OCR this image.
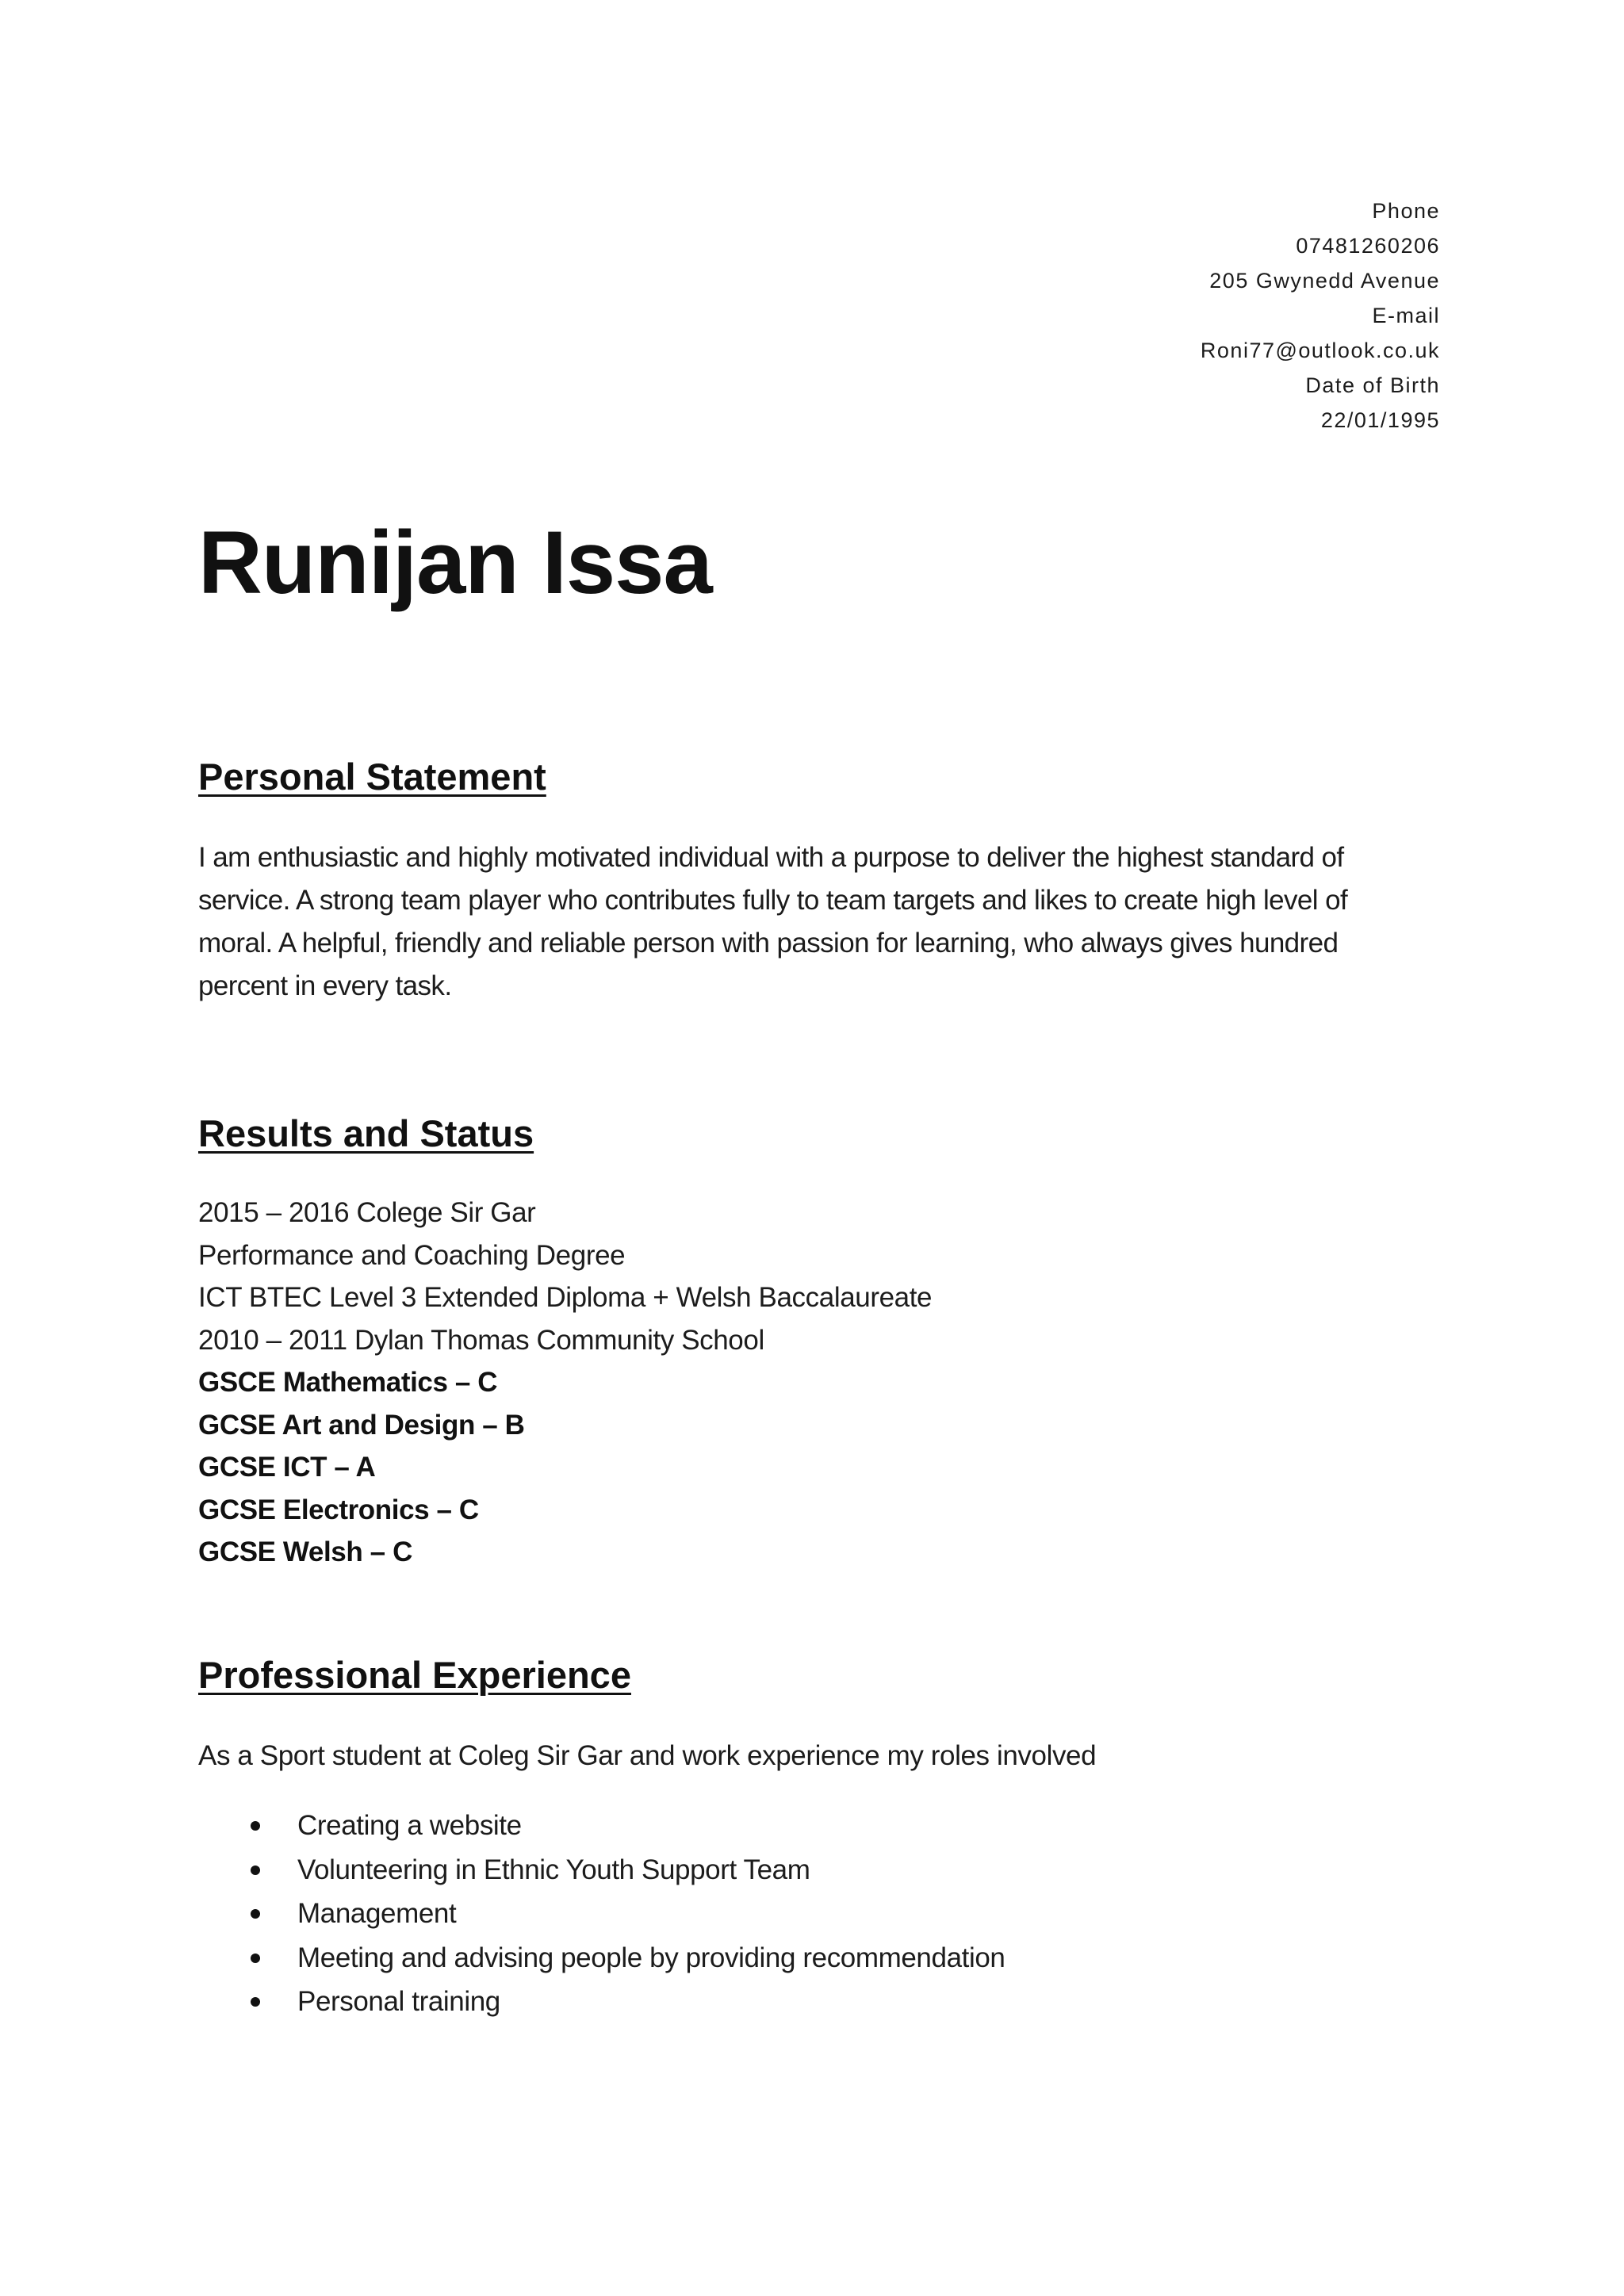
Phone
07481260206
205 Gwynedd Avenue
E-mail
Roni77@outlook.co.uk
Date of Birth
22/01/1995
Runijan Issa
Personal Statement
I am enthusiastic and highly motivated individual with a purpose to deliver the highest standard of
service. A strong team player who contributes fully to team targets and likes to create high level of
moral. A helpful, friendly and reliable person with passion for learning, who always gives hundred
percent in every task.
Results and Status
2015 – 2016 Colege Sir Gar
Performance and Coaching Degree
ICT BTEC Level 3 Extended Diploma + Welsh Baccalaureate
2010 – 2011 Dylan Thomas Community School
GSCE Mathematics – C
GCSE Art and Design – B
GCSE ICT – A
GCSE Electronics – C
GCSE Welsh – C
Professional Experience
As a Sport student at Coleg Sir Gar and work experience my roles involved
Creating a website
Volunteering in Ethnic Youth Support Team
Management
Meeting and advising people by providing recommendation
Personal training
